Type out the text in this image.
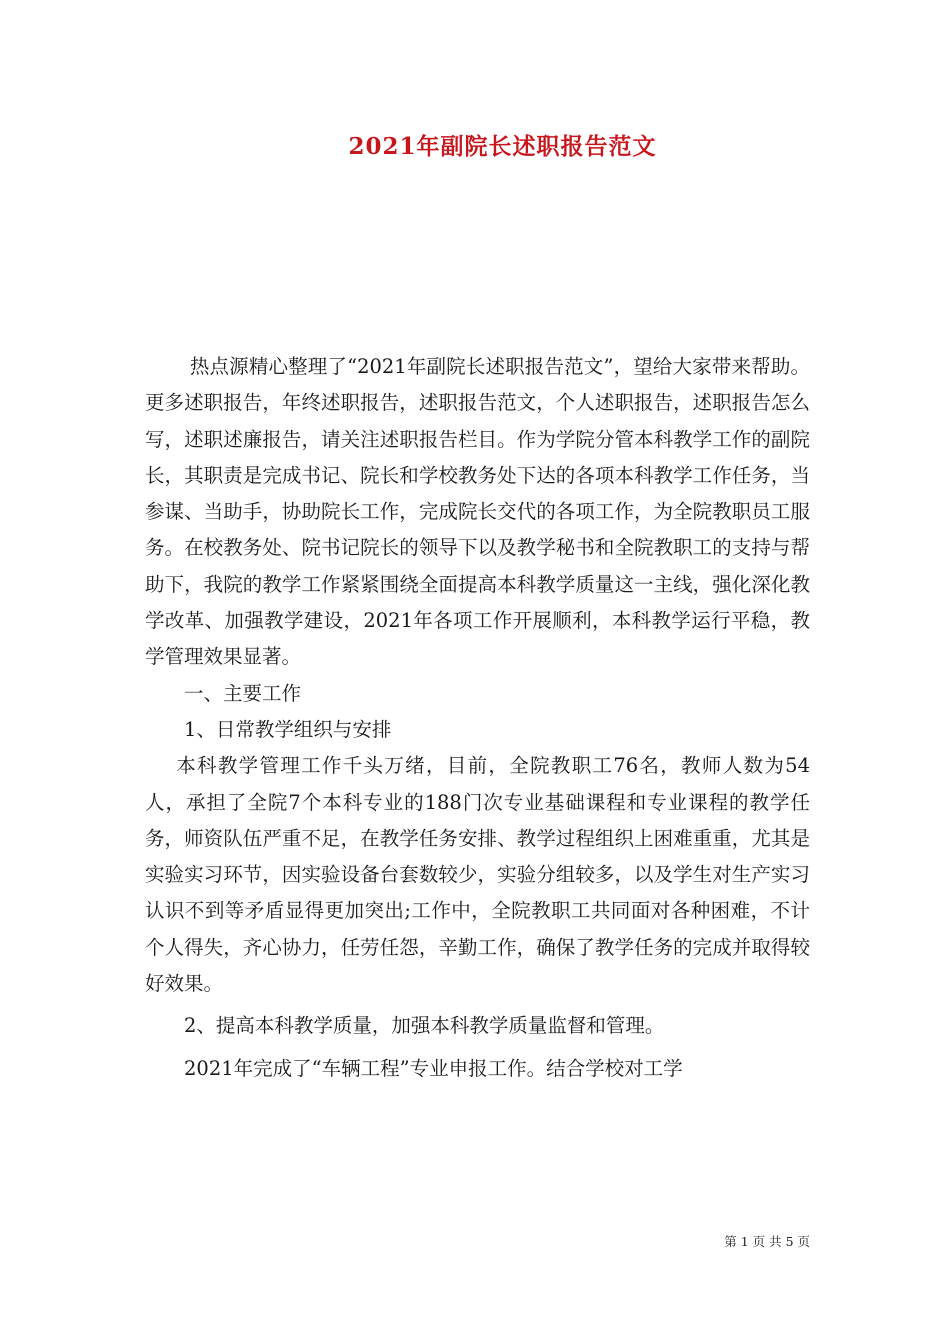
2021年副院长述职报告范文

热点源精心整理了“2021年副院长述职报告范文”，望给大家带来帮助。更多述职报告，年终述职报告，述职报告范文，个人述职报告，述职报告怎么写，述职述廉报告，请关注述职报告栏目。作为学院分管本科教学工作的副院长，其职责是完成书记、院长和学校教务处下达的各项本科教学工作任务，当参谋、当助手，协助院长工作，完成院长交代的各项工作，为全院教职员工服务。在校教务处、院书记院长的领导下以及教学秘书和全院教职工的支持与帮助下，我院的教学工作紧紧围绕全面提高本科教学质量这一主线，强化深化教学改革、加强教学建设，2021年各项工作开展顺利，本科教学运行平稳，教学管理效果显著。

一、主要工作

1、日常教学组织与安排

本科教学管理工作千头万绪，目前，全院教职工76名，教师人数为54人，承担了全院7个本科专业的188门次专业基础课程和专业课程的教学任务，师资队伍严重不足，在教学任务安排、教学过程组织上困难重重，尤其是实验实习环节，因实验设备台套数较少，实验分组较多，以及学生对生产实习认识不到等矛盾显得更加突出;工作中，全院教职工共同面对各种困难，不计个人得失，齐心协力，任劳任怨，辛勤工作，确保了教学任务的完成并取得较好效果。

2、提高本科教学质量，加强本科教学质量监督和管理。

2021年完成了“车辆工程”专业申报工作。结合学校对工学

第 1 页 共 5 页
